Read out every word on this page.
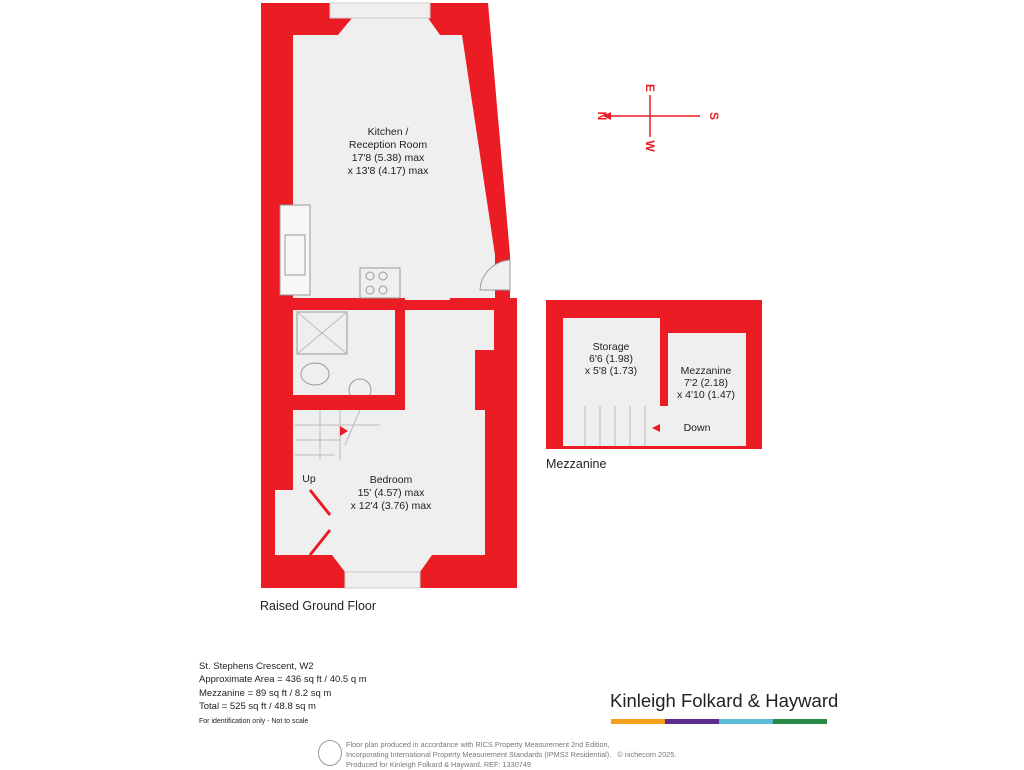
Up
Kitchen /
Reception Room
17'8 (5.38) max
x 13'8 (4.17) max
Bedroom
15' (4.57) max
x 12'4 (3.76) max
Raised Ground Floor
Down
Storage
6'6 (1.98)
x 5'8 (1.73)	Mezzanine
7'2 (2.18)
x 4'10 (1.47)
Mezzanine
N	S
E
W
St. Stephens Crescent, W2
Approximate Area = 436 sq ft / 40.5 q m
Mezzanine = 89 sq ft / 8.2 sq m
Total = 525 sq ft / 48.8 sq m
For identification only - Not to scale
Kinleigh Folkard & Hayward
Floor plan produced in accordance with RICS Property Measurement 2nd Edition,
Incorporating International Property Measurement Standards (IPMS2 Residential). © nichecom 2025.
Produced for Kinleigh Folkard & Hayward. REF: 1330749
